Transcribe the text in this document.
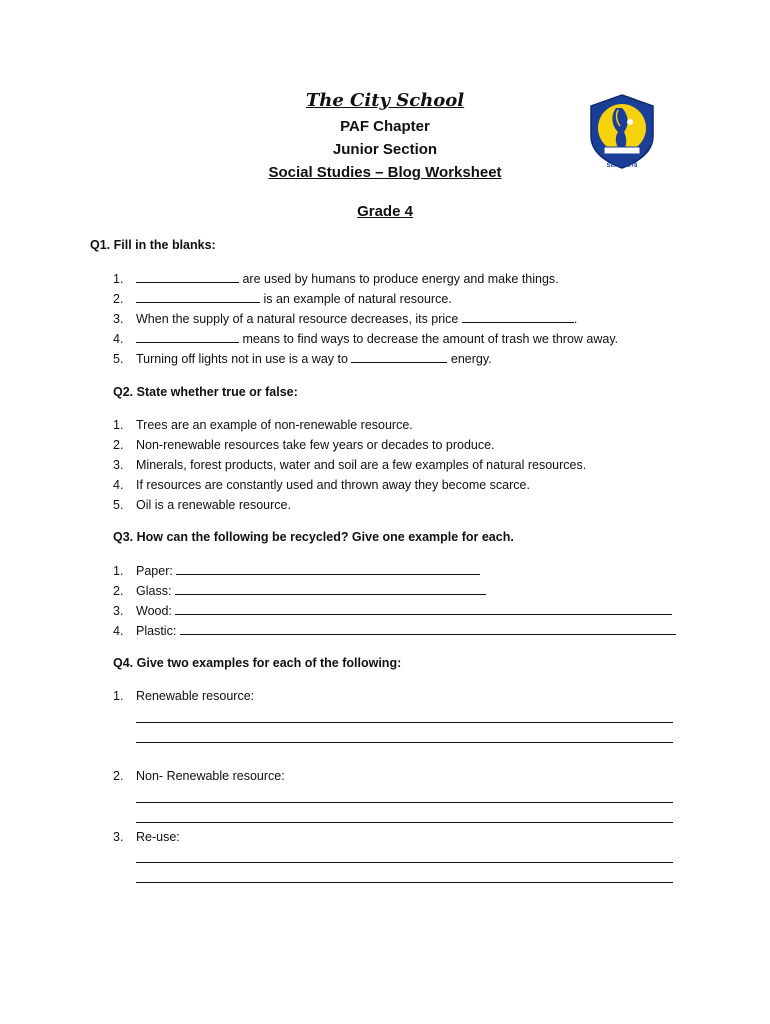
The City School
PAF Chapter
Junior Section
Social Studies – Blog Worksheet
Grade 4
Since 1978
Q1. Fill in the blanks:
1.	are used by humans to produce energy and make things.
2.	is an example of natural resource.
3. When the supply of a natural resource decreases, its price	.
4.	means to find ways to decrease the amount of trash we throw away.
5. Turning off lights not in use is a way to	energy.
Q2. State whether true or false:
1. Trees are an example of non-renewable resource.
2. Non-renewable resources take few years or decades to produce.
3. Minerals, forest products, water and soil are a few examples of natural resources.
4. If resources are constantly used and thrown away they become scarce.
5. Oil is a renewable resource.
Q3. How can the following be recycled? Give one example for each.
1. Paper:
2. Glass:
3. Wood:
4. Plastic:
Q4. Give two examples for each of the following:
1. Renewable resource:
2. Non- Renewable resource:
3. Re-use:
